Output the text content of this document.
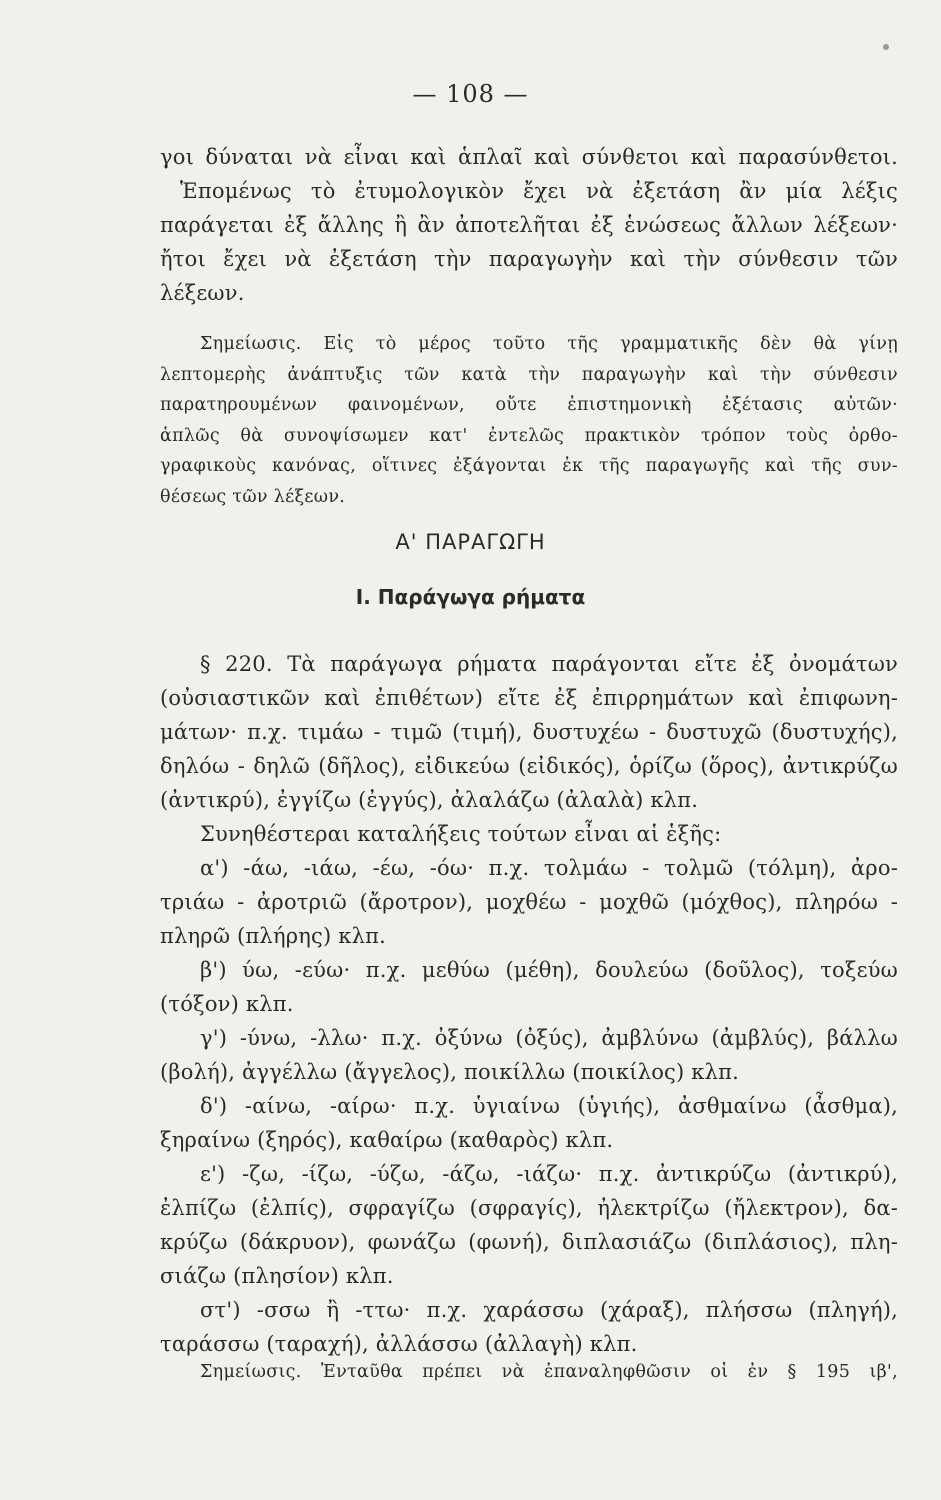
— 108 —
γοι δύναται νὰ εἶναι καὶ ἁπλαῖ καὶ σύνθετοι καὶ παρασύνθετοι.
Ἑπομένως τὸ ἐτυμολογικὸν ἔχει νὰ ἐξετάση ἂν μία λέξις
παράγεται ἐξ ἄλλης ἢ ἂν ἀποτελῆται ἐξ ἑνώσεως ἄλλων λέξεων·
ἤτοι ἔχει νὰ ἐξετάση τὴν παραγωγὴν καὶ τὴν σύνθεσιν τῶν
λέξεων.
Σημείωσις. Εἰς τὸ μέρος τοῦτο τῆς γραμματικῆς δὲν θὰ γίνῃ
λεπτομερὴς ἀνάπτυξις τῶν κατὰ τὴν παραγωγὴν καὶ τὴν σύνθεσιν
παρατηρουμένων φαινομένων, οὔτε ἐπιστημονικὴ ἐξέτασις αὐτῶν·
ἁπλῶς θὰ συνοψίσωμεν κατ' ἐντελῶς πρακτικὸν τρόπον τοὺς ὀρθο-
γραφικοὺς κανόνας, οἵτινες ἐξάγονται ἐκ τῆς παραγωγῆς καὶ τῆς συν-
θέσεως τῶν λέξεων.
Α' ΠΑΡΑΓΩΓΗ
I. Παράγωγα ρήματα
§ 220. Τὰ παράγωγα ρήματα παράγονται εἴτε ἐξ ὀνομάτων
(οὐσιαστικῶν καὶ ἐπιθέτων) εἴτε ἐξ ἐπιρρημάτων καὶ ἐπιφωνη-
μάτων· π.χ. τιμάω - τιμῶ (τιμή), δυστυχέω - δυστυχῶ (δυστυχής),
δηλόω - δηλῶ (δῆλος), εἰδικεύω (εἰδικός), ὁρίζω (ὅρος), ἀντικρύζω
(ἀντικρύ), ἐγγίζω (ἐγγύς), ἀλαλάζω (ἀλαλὰ) κλπ.
Συνηθέστεραι καταλήξεις τούτων εἶναι αἱ ἑξῆς:
α') -άω, -ιάω, -έω, -όω· π.χ. τολμάω - τολμῶ (τόλμη), ἀρο-
τριάω - ἀροτριῶ (ἄροτρον), μοχθέω - μοχθῶ (μόχθος), πληρόω -
πληρῶ (πλήρης) κλπ.
β') ύω, -εύω· π.χ. μεθύω (μέθη), δουλεύω (δοῦλος), τοξεύω
(τόξον) κλπ.
γ') -ύνω, -λλω· π.χ. ὀξύνω (ὀξύς), ἀμβλύνω (ἀμβλύς), βάλλω
(βολή), ἀγγέλλω (ἄγγελος), ποικίλλω (ποικίλος) κλπ.
δ') -αίνω, -αίρω· π.χ. ὑγιαίνω (ὑγιής), ἀσθμαίνω (ἆσθμα),
ξηραίνω (ξηρός), καθαίρω (καθαρὸς) κλπ.
ε') -ζω, -ίζω, -ύζω, -άζω, -ιάζω· π.χ. ἀντικρύζω (ἀντικρύ),
ἐλπίζω (ἐλπίς), σφραγίζω (σφραγίς), ἠλεκτρίζω (ἤλεκτρον), δα-
κρύζω (δάκρυον), φωνάζω (φωνή), διπλασιάζω (διπλάσιος), πλη-
σιάζω (πλησίον) κλπ.
στ') -σσω ἢ -ττω· π.χ. χαράσσω (χάραξ), πλήσσω (πληγή),
ταράσσω (ταραχή), ἀλλάσσω (ἀλλαγὴ) κλπ.
Σημείωσις. Ἐνταῦθα πρέπει νὰ ἐπαναληφθῶσιν οἱ ἐν § 195 ιβ',
